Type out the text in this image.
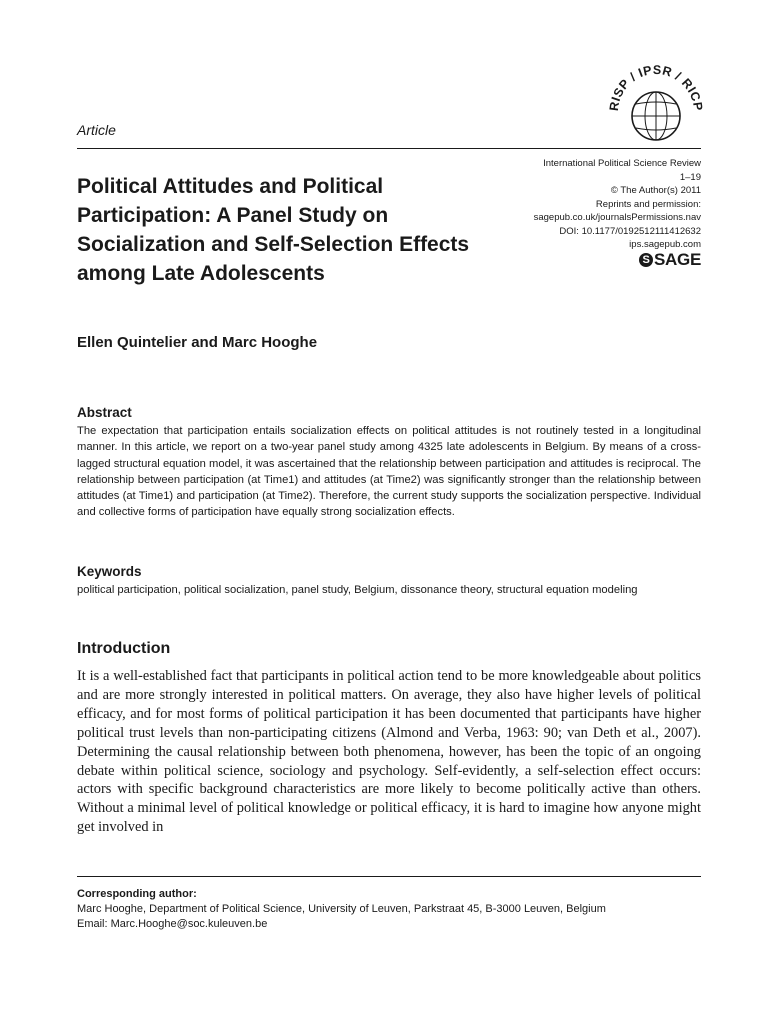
Article
RISP / IPSR / RICP
International Political Science Review
1–19
© The Author(s) 2011
Reprints and permission:
sagepub.co.uk/journalsPermissions.nav
DOI: 10.1177/0192512111412632
ips.sagepub.com
S SAGE
Political Attitudes and Political Participation: A Panel Study on Socialization and Self-Selection Effects among Late Adolescents
Ellen Quintelier and Marc Hooghe
Abstract

The expectation that participation entails socialization effects on political attitudes is not routinely tested in a longitudinal manner. In this article, we report on a two-year panel study among 4325 late adolescents in Belgium. By means of a cross-lagged structural equation model, it was ascertained that the relationship between participation and attitudes is reciprocal. The relationship between participation (at Time1) and attitudes (at Time2) was significantly stronger than the relationship between attitudes (at Time1) and participation (at Time2). Therefore, the current study supports the socialization perspective. Individual and collective forms of participation have equally strong socialization effects.

Keywords

political participation, political socialization, panel study, Belgium, dissonance theory, structural equation modeling

Introduction

It is a well-established fact that participants in political action tend to be more knowledgeable about politics and are more strongly interested in political matters. On average, they also have higher levels of political efficacy, and for most forms of political participation it has been documented that participants have higher political trust levels than non-participating citizens (Almond and Verba, 1963: 90; van Deth et al., 2007). Determining the causal relationship between both phenomena, however, has been the topic of an ongoing debate within political science, sociology and psychology. Self-evidently, a self-selection effect occurs: actors with specific background characteristics are more likely to become politically active than others. Without a minimal level of political knowledge or political efficacy, it is hard to imagine how anyone might get involved in

Corresponding author:
Marc Hooghe, Department of Political Science, University of Leuven, Parkstraat 45, B-3000 Leuven, Belgium
Email: Marc.Hooghe@soc.kuleuven.be
